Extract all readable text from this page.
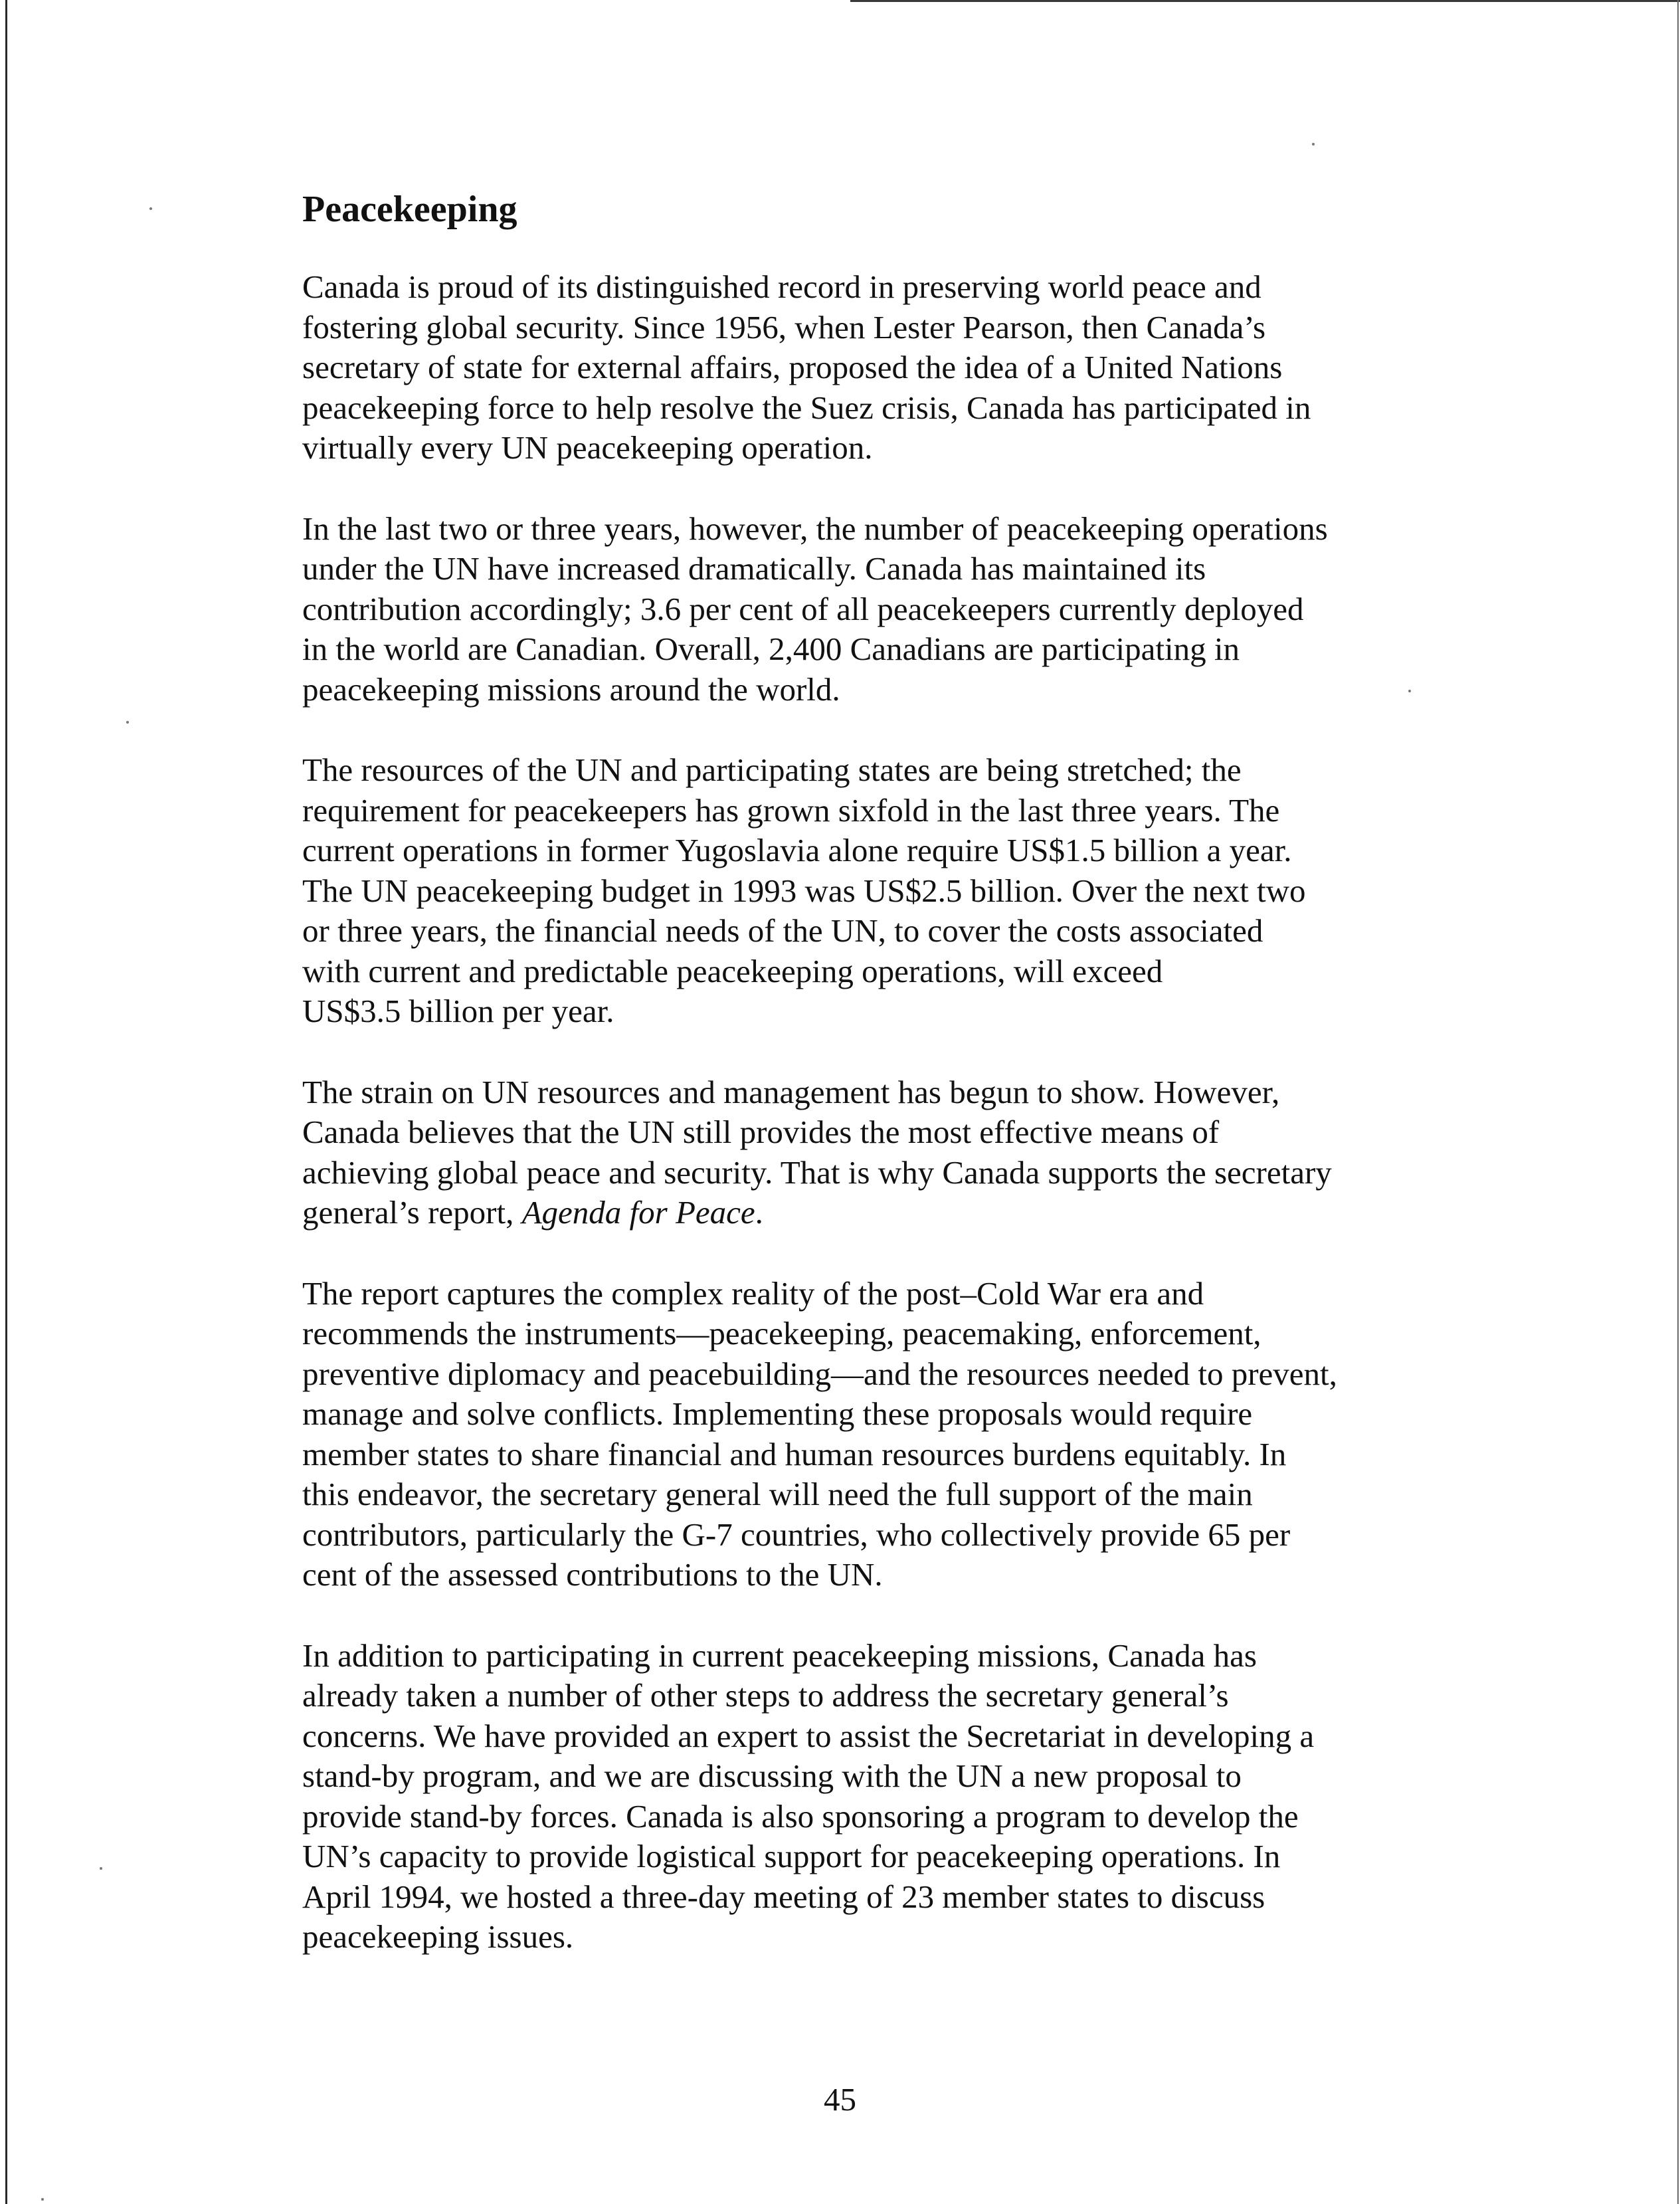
Peacekeeping

Canada is proud of its distinguished record in preserving world peace and
fostering global security. Since 1956, when Lester Pearson, then Canada’s
secretary of state for external affairs, proposed the idea of a United Nations
peacekeeping force to help resolve the Suez crisis, Canada has participated in
virtually every UN peacekeeping operation.

In the last two or three years, however, the number of peacekeeping operations
under the UN have increased dramatically. Canada has maintained its
contribution accordingly; 3.6 per cent of all peacekeepers currently deployed
in the world are Canadian. Overall, 2,400 Canadians are participating in
peacekeeping missions around the world.

The resources of the UN and participating states are being stretched; the
requirement for peacekeepers has grown sixfold in the last three years. The
current operations in former Yugoslavia alone require US$1.5 billion a year.
The UN peacekeeping budget in 1993 was US$2.5 billion. Over the next two
or three years, the financial needs of the UN, to cover the costs associated
with current and predictable peacekeeping operations, will exceed
US$3.5 billion per year.

The strain on UN resources and management has begun to show. However,
Canada believes that the UN still provides the most effective means of
achieving global peace and security. That is why Canada supports the secretary
general’s report, Agenda for Peace.

The report captures the complex reality of the post–Cold War era and
recommends the instruments—peacekeeping, peacemaking, enforcement,
preventive diplomacy and peacebuilding—and the resources needed to prevent,
manage and solve conflicts. Implementing these proposals would require
member states to share financial and human resources burdens equitably. In
this endeavor, the secretary general will need the full support of the main
contributors, particularly the G-7 countries, who collectively provide 65 per
cent of the assessed contributions to the UN.

In addition to participating in current peacekeeping missions, Canada has
already taken a number of other steps to address the secretary general’s
concerns. We have provided an expert to assist the Secretariat in developing a
stand-by program, and we are discussing with the UN a new proposal to
provide stand-by forces. Canada is also sponsoring a program to develop the
UN’s capacity to provide logistical support for peacekeeping operations. In
April 1994, we hosted a three-day meeting of 23 member states to discuss
peacekeeping issues.

45
